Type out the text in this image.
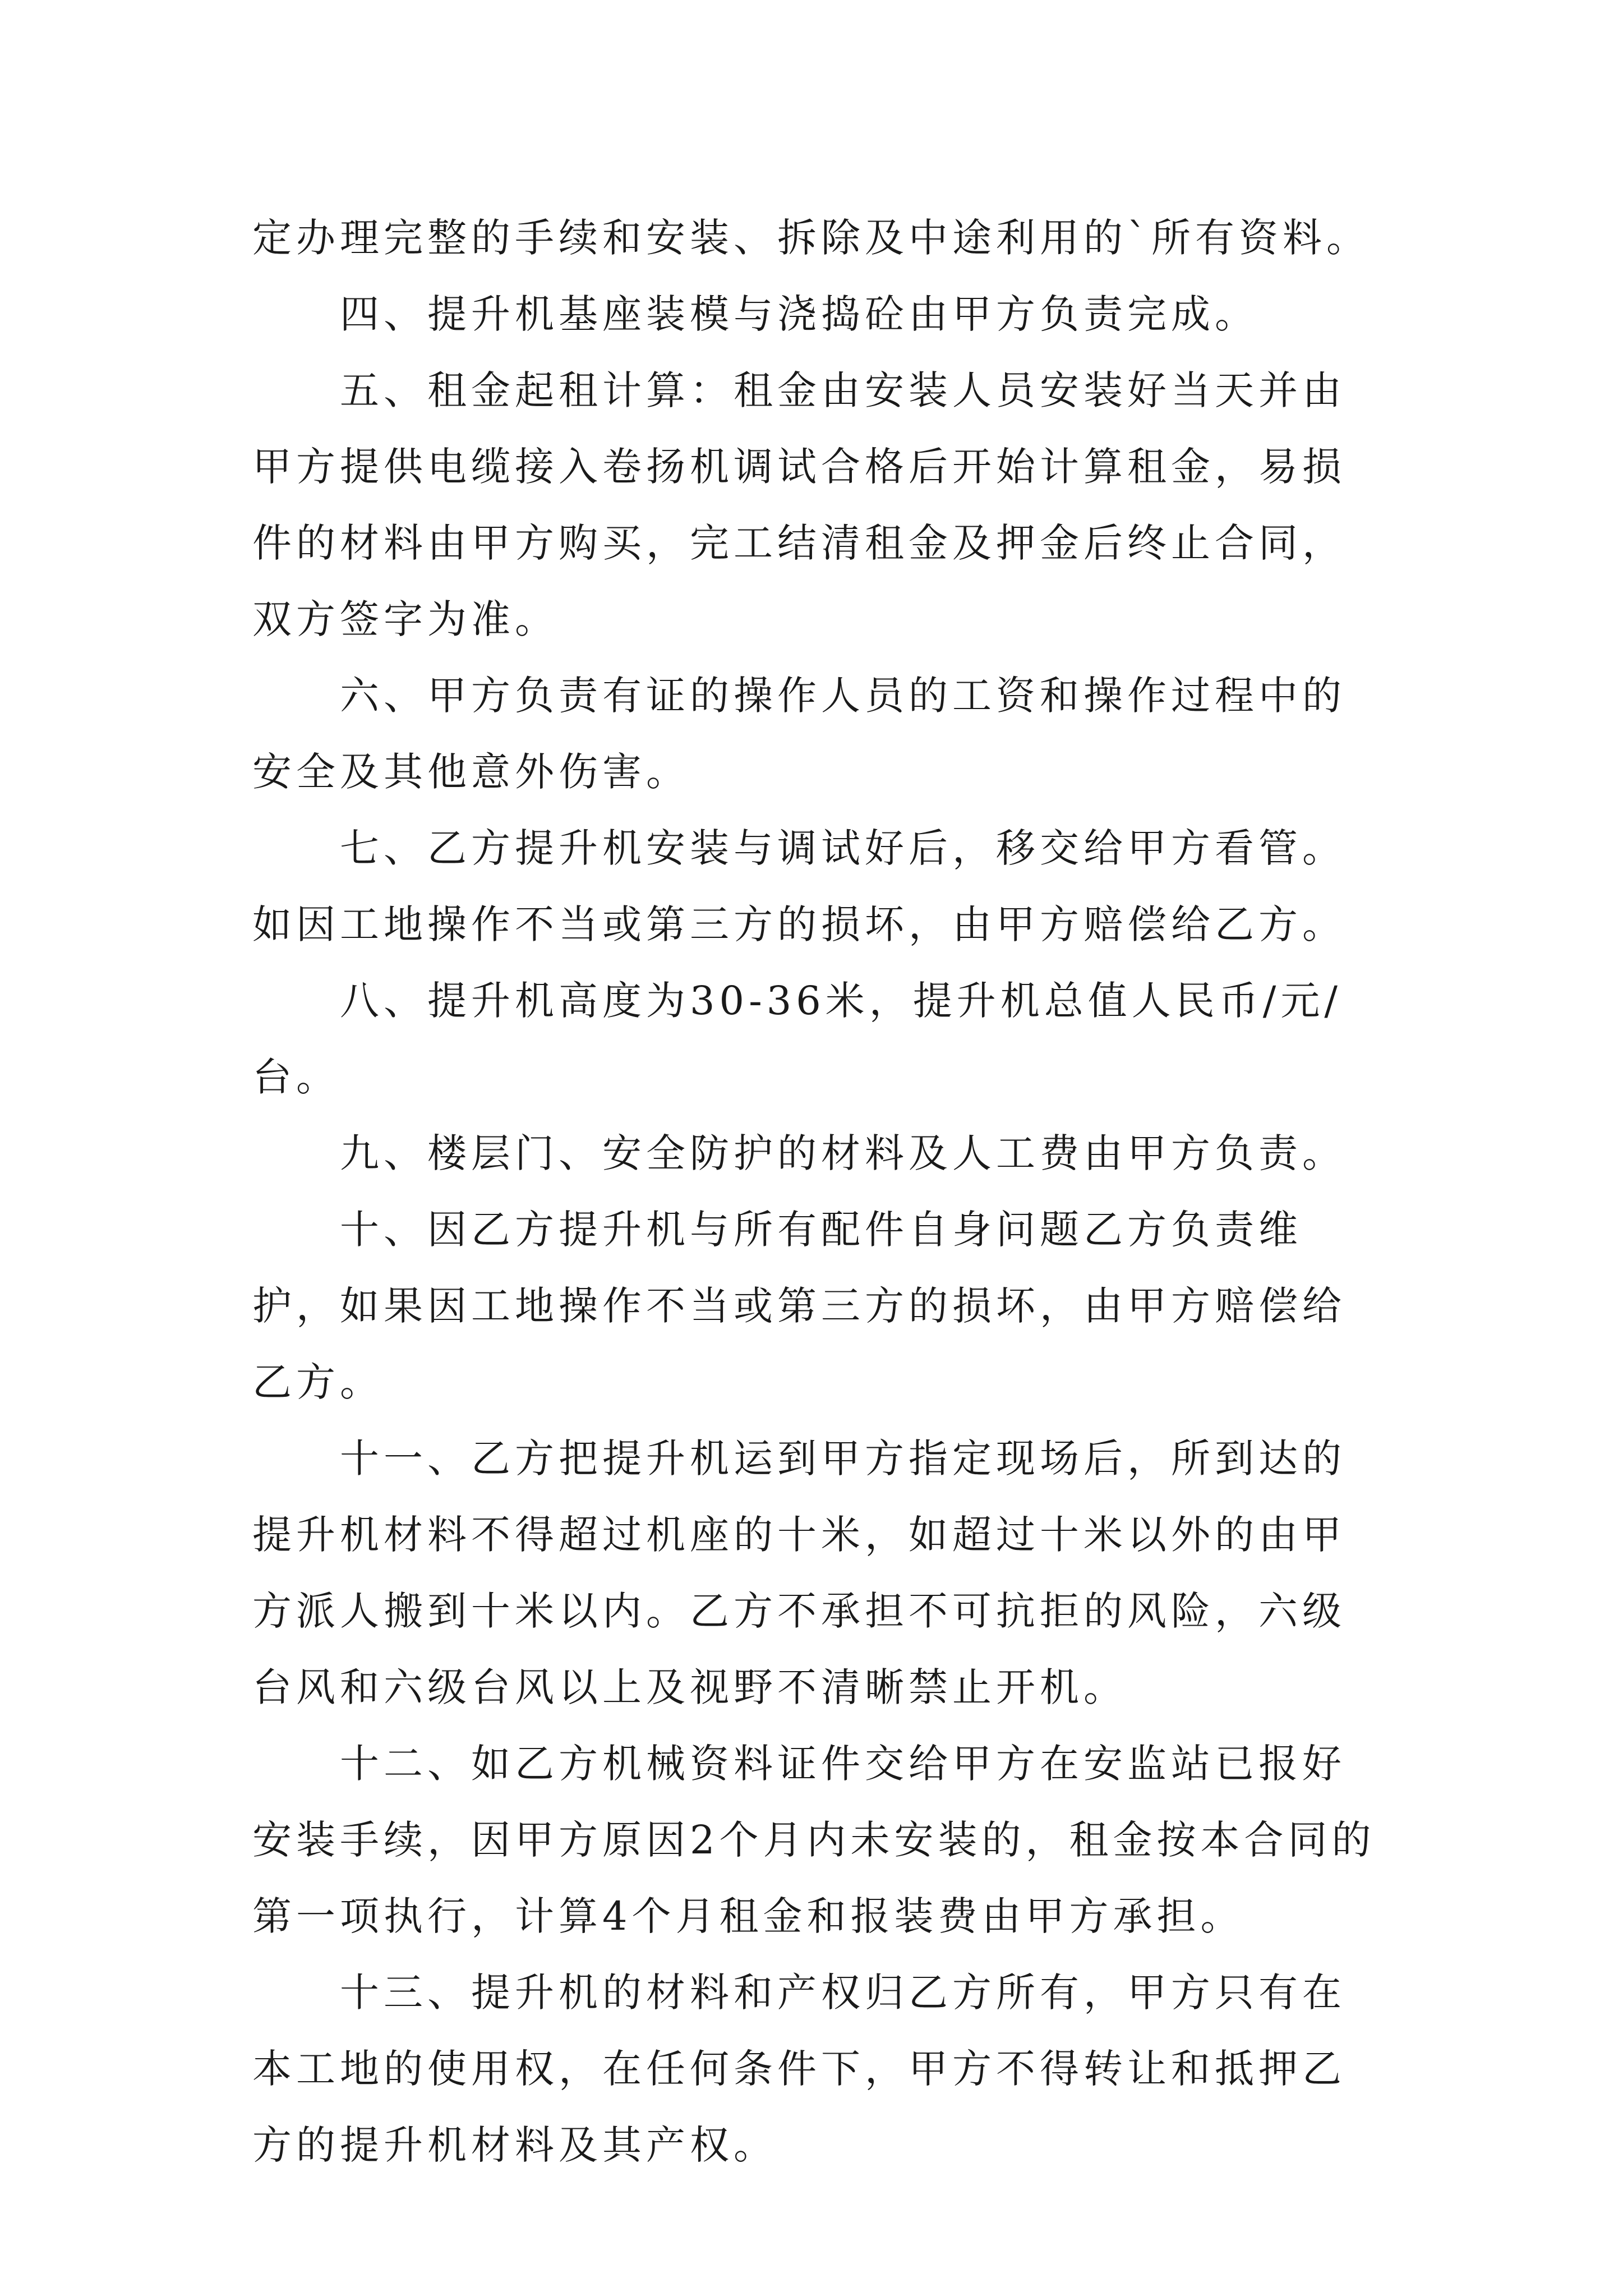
定办理完整的手续和安装、拆除及中途利用的`所有资料。

四、提升机基座装模与浇捣砼由甲方负责完成。

五、租金起租计算：租金由安装人员安装好当天并由甲方提供电缆接入卷扬机调试合格后开始计算租金，易损件的材料由甲方购买，完工结清租金及押金后终止合同，双方签字为准。

六、甲方负责有证的操作人员的工资和操作过程中的安全及其他意外伤害。

七、乙方提升机安装与调试好后，移交给甲方看管。如因工地操作不当或第三方的损坏，由甲方赔偿给乙方。

八、提升机高度为30-36米，提升机总值人民币/元/台。

九、楼层门、安全防护的材料及人工费由甲方负责。

十、因乙方提升机与所有配件自身问题乙方负责维护，如果因工地操作不当或第三方的损坏，由甲方赔偿给乙方。

十一、乙方把提升机运到甲方指定现场后，所到达的提升机材料不得超过机座的十米，如超过十米以外的由甲方派人搬到十米以内。乙方不承担不可抗拒的风险，六级台风和六级台风以上及视野不清晰禁止开机。

十二、如乙方机械资料证件交给甲方在安监站已报好安装手续，因甲方原因2个月内未安装的，租金按本合同的第一项执行，计算4个月租金和报装费由甲方承担。

十三、提升机的材料和产权归乙方所有，甲方只有在本工地的使用权，在任何条件下，甲方不得转让和抵押乙方的提升机材料及其产权。
